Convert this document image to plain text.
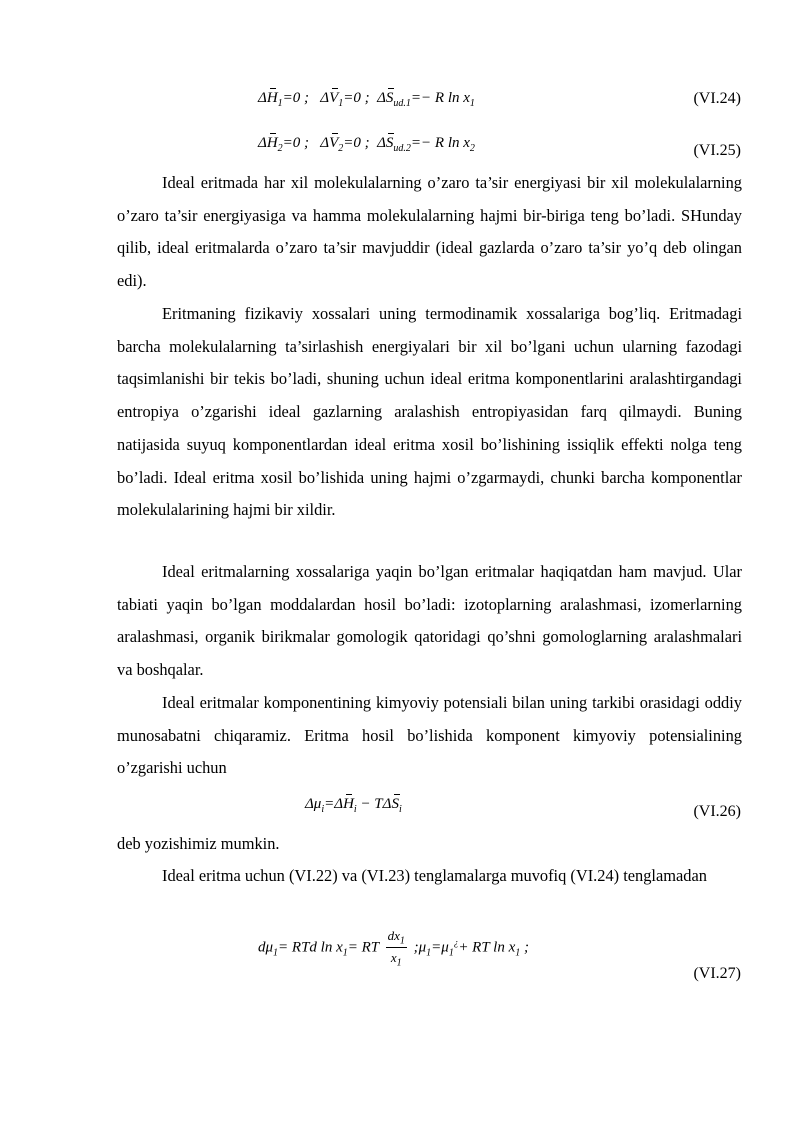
$\Delta H_1=0$ ;   $\Delta V_1=0$ ;  $\Delta S_{иd.1}=- R$ $\ln x_1$	(VI.24)
$\Delta H_2=0$ ;   $\Delta V_2=0$ ;  $\Delta S_{иd.2}=- R$ $\ln x_2$	(VI.25)

Ideal eritmada har xil molekulalarning o’zaro ta’sir energiyasi bir xil molekulalarning o’zaro ta’sir energiyasiga va hamma molekulalarning hajmi bir-biriga teng bo’ladi. SHunday qilib, ideal eritmalarda o’zaro ta’sir mavjuddir (ideal gazlarda o’zaro ta’sir yo’q deb olingan edi).

Eritmaning fizikaviy xossalari uning termodinamik xossalariga bog’liq. Eritmadagi barcha molekulalarning ta’sirlashish energiyalari bir xil bo’lgani uchun ularning fazodagi taqsimlanishi bir tekis bo’ladi, shuning uchun ideal eritma komponentlarini aralashtirgandagi entropiya o’zgarishi ideal gazlarning aralashish entropiyasidan farq qilmaydi. Buning natijasida suyuq komponentlardan ideal eritma xosil bo’lishining issiqlik effekti nolga teng bo’ladi. Ideal eritma xosil bo’lishida uning hajmi o’zgarmaydi, chunki barcha komponentlar molekulalarining hajmi bir xildir.

Ideal eritmalarning xossalariga yaqin bo’lgan eritmalar haqiqatdan ham mavjud. Ular tabiati yaqin bo’lgan moddalardan hosil bo’ladi: izotoplarning aralashmasi, izomerlarning aralashmasi, organik birikmalar gomologik qatoridagi qo’shni gomologlarning aralashmalari va boshqalar.

Ideal eritmalar komponentining kimyoviy potensiali bilan uning tarkibi orasidagi oddiy munosabatni chiqaramiz. Eritma hosil bo’lishida komponent kimyoviy potensialining o’zgarishi uchun

$\Delta\mu_i=\Delta H_i - T\Delta S_i$	(VI.26)

deb yozishimiz mumkin.

Ideal eritma uchun (VI.22) va (VI.23) tenglamalarga muvofiq (VI.24) tenglamadan

$d\mu_1=$ RTd $\ln x_1=$ RT $\frac{dx_1}{x_1}$ $;\mu_1=\mu_1^¿+$ RT $\ln x_1$ ;
(VI.27)
